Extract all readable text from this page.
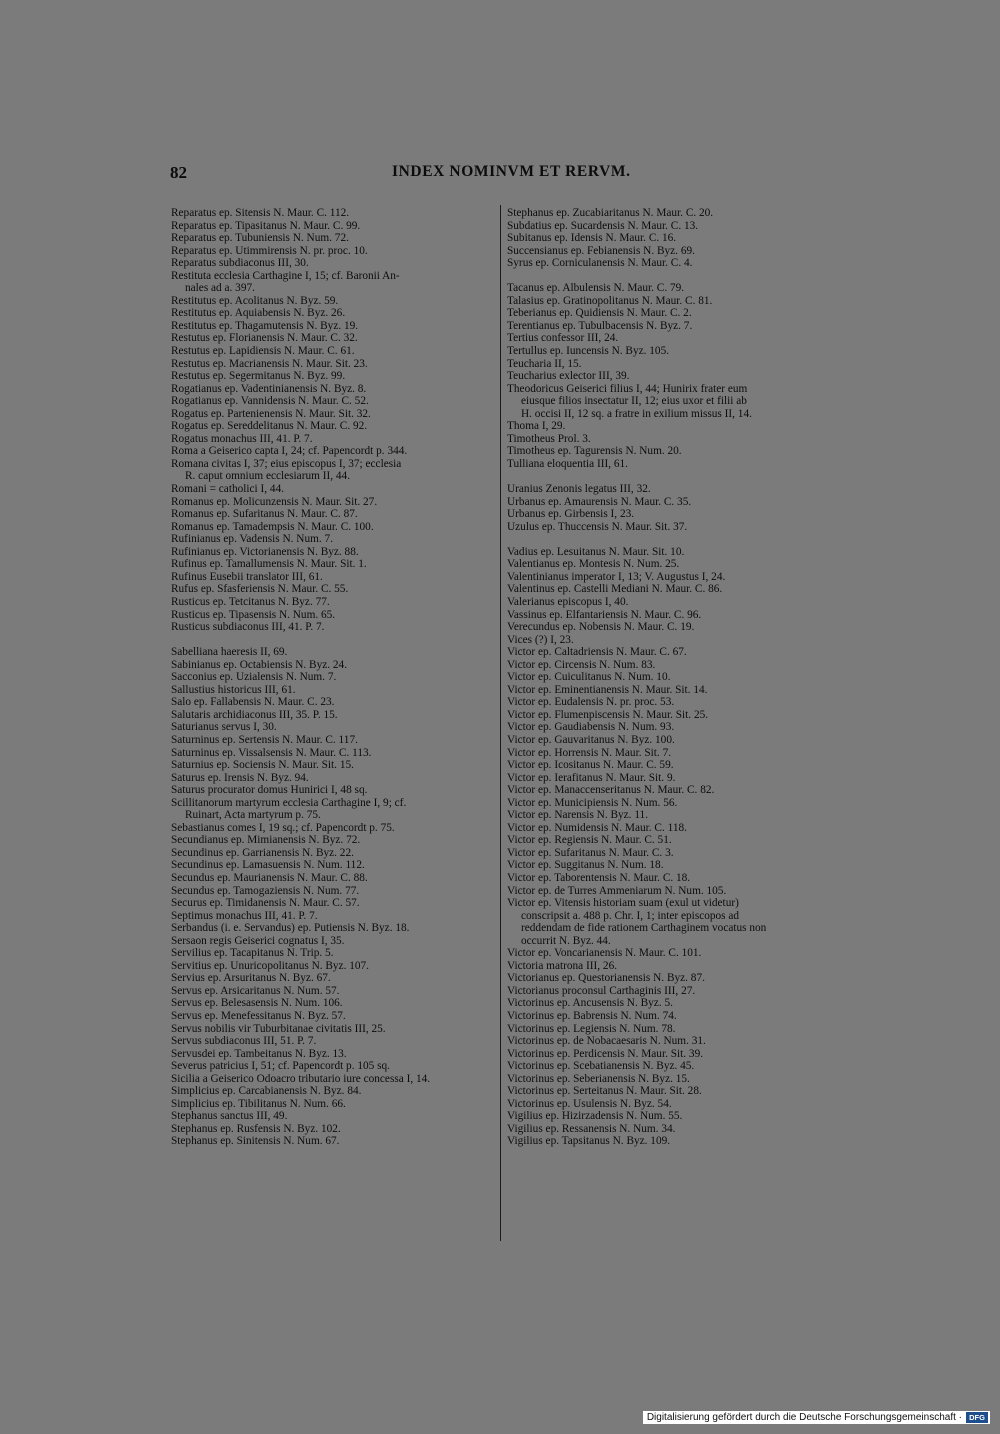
82	INDEX NOMINVM ET RERVM.

Reparatus ep. Sitensis N. Maur. C. 112.
Reparatus ep. Tipasitanus N. Maur. C. 99.
Reparatus ep. Tubuniensis N. Num. 72.
Reparatus ep. Utimmirensis N. pr. proc. 10.
Reparatus subdiaconus III, 30.
Restituta ecclesia Carthagine I, 15; cf. Baronii An-
nales ad a. 397.
Restitutus ep. Acolitanus N. Byz. 59.
Restitutus ep. Aquiabensis N. Byz. 26.
Restitutus ep. Thagamutensis N. Byz. 19.
Restutus ep. Florianensis N. Maur. C. 32.
Restutus ep. Lapidiensis N. Maur. C. 61.
Restutus ep. Macrianensis N. Maur. Sit. 23.
Restutus ep. Segermitanus N. Byz. 99.
Rogatianus ep. Vadentinianensis N. Byz. 8.
Rogatianus ep. Vannidensis N. Maur. C. 52.
Rogatus ep. Partenienensis N. Maur. Sit. 32.
Rogatus ep. Sereddelitanus N. Maur. C. 92.
Rogatus monachus III, 41. P. 7.
Roma a Geiserico capta I, 24; cf. Papencordt p. 344.
Romana civitas I, 37; eius episcopus I, 37; ecclesia
R. caput omnium ecclesiarum II, 44.
Romani = catholici I, 44.
Romanus ep. Molicunzensis N. Maur. Sit. 27.
Romanus ep. Sufaritanus N. Maur. C. 87.
Romanus ep. Tamadempsis N. Maur. C. 100.
Rufinianus ep. Vadensis N. Num. 7.
Rufinianus ep. Victorianensis N. Byz. 88.
Rufinus ep. Tamallumensis N. Maur. Sit. 1.
Rufinus Eusebii translator III, 61.
Rufus ep. Sfasferiensis N. Maur. C. 55.
Rusticus ep. Tetcitanus N. Byz. 77.
Rusticus ep. Tipasensis N. Num. 65.
Rusticus subdiaconus III, 41. P. 7.
Sabelliana haeresis II, 69.
Sabinianus ep. Octabiensis N. Byz. 24.
Sacconius ep. Uzialensis N. Num. 7.
Sallustius historicus III, 61.
Salo ep. Fallabensis N. Maur. C. 23.
Salutaris archidiaconus III, 35. P. 15.
Saturianus servus I, 30.
Saturninus ep. Sertensis N. Maur. C. 117.
Saturninus ep. Vissalsensis N. Maur. C. 113.
Saturnius ep. Sociensis N. Maur. Sit. 15.
Saturus ep. Irensis N. Byz. 94.
Saturus procurator domus Hunirici I, 48 sq.
Scillitanorum martyrum ecclesia Carthagine I, 9; cf.
Ruinart, Acta martyrum p. 75.
Sebastianus comes I, 19 sq.; cf. Papencordt p. 75.
Secundianus ep. Mimianensis N. Byz. 72.
Secundinus ep. Garrianensis N. Byz. 22.
Secundinus ep. Lamasuensis N. Num. 112.
Secundus ep. Maurianensis N. Maur. C. 88.
Secundus ep. Tamogaziensis N. Num. 77.
Securus ep. Timidanensis N. Maur. C. 57.
Septimus monachus III, 41. P. 7.
Serbandus (i. e. Servandus) ep. Putiensis N. Byz. 18.
Sersaon regis Geiserici cognatus I, 35.
Servilius ep. Tacapitanus N. Trip. 5.
Servitius ep. Unuricopolitanus N. Byz. 107.
Servius ep. Arsuritanus N. Byz. 67.
Servus ep. Arsicaritanus N. Num. 57.
Servus ep. Belesasensis N. Num. 106.
Servus ep. Menefessitanus N. Byz. 57.
Servus nobilis vir Tuburbitanae civitatis III, 25.
Servus subdiaconus III, 51. P. 7.
Servusdei ep. Tambeitanus N. Byz. 13.
Severus patricius I, 51; cf. Papencordt p. 105 sq.
Sicilia a Geiserico Odoacro tributario iure concessa I, 14.
Simplicius ep. Carcabianensis N. Byz. 84.
Simplicius ep. Tibilitanus N. Num. 66.
Stephanus sanctus III, 49.
Stephanus ep. Rusfensis N. Byz. 102.
Stephanus ep. Sinitensis N. Num. 67.
Stephanus ep. Zucabiaritanus N. Maur. C. 20.
Subdatius ep. Sucardensis N. Maur. C. 13.
Subitanus ep. Idensis N. Maur. C. 16.
Succensianus ep. Febianensis N. Byz. 69.
Syrus ep. Corniculanensis N. Maur. C. 4.
Tacanus ep. Albulensis N. Maur. C. 79.
Talasius ep. Gratinopolitanus N. Maur. C. 81.
Teberianus ep. Quidiensis N. Maur. C. 2.
Terentianus ep. Tubulbacensis N. Byz. 7.
Tertius confessor III, 24.
Tertullus ep. Iuncensis N. Byz. 105.
Teucharia II, 15.
Teucharius exlector III, 39.
Theodoricus Geiserici filius I, 44; Hunirix frater eum
eiusque filios insectatur II, 12; eius uxor et filii ab
H. occisi II, 12 sq. a fratre in exilium missus II, 14.
Thoma I, 29.
Timotheus Prol. 3.
Timotheus ep. Tagurensis N. Num. 20.
Tulliana eloquentia III, 61.
Uranius Zenonis legatus III, 32.
Urbanus ep. Amaurensis N. Maur. C. 35.
Urbanus ep. Girbensis I, 23.
Uzulus ep. Thuccensis N. Maur. Sit. 37.
Vadius ep. Lesuitanus N. Maur. Sit. 10.
Valentianus ep. Montesis N. Num. 25.
Valentinianus imperator I, 13; V. Augustus I, 24.
Valentinus ep. Castelli Mediani N. Maur. C. 86.
Valerianus episcopus I, 40.
Vassinus ep. Elfantariensis N. Maur. C. 96.
Verecundus ep. Nobensis N. Maur. C. 19.
Vices (?) I, 23.
Victor ep. Caltadriensis N. Maur. C. 67.
Victor ep. Circensis N. Num. 83.
Victor ep. Cuiculitanus N. Num. 10.
Victor ep. Eminentianensis N. Maur. Sit. 14.
Victor ep. Eudalensis N. pr. proc. 53.
Victor ep. Flumenpiscensis N. Maur. Sit. 25.
Victor ep. Gaudiabensis N. Num. 93.
Victor ep. Gauvaritanus N. Byz. 100.
Victor ep. Horrensis N. Maur. Sit. 7.
Victor ep. Icositanus N. Maur. C. 59.
Victor ep. Ierafitanus N. Maur. Sit. 9.
Victor ep. Manaccenseritanus N. Maur. C. 82.
Victor ep. Municipiensis N. Num. 56.
Victor ep. Narensis N. Byz. 11.
Victor ep. Numidensis N. Maur. C. 118.
Victor ep. Regiensis N. Maur. C. 51.
Victor ep. Sufaritanus N. Maur. C. 3.
Victor ep. Suggitanus N. Num. 18.
Victor ep. Taborentensis N. Maur. C. 18.
Victor ep. de Turres Ammeniarum N. Num. 105.
Victor ep. Vitensis historiam suam (exul ut videtur)
conscripsit a. 488 p. Chr. I, 1; inter episcopos ad
reddendam de fide rationem Carthaginem vocatus non
occurrit N. Byz. 44.
Victor ep. Voncarianensis N. Maur. C. 101.
Victoria matrona III, 26.
Victorianus ep. Questorianensis N. Byz. 87.
Victorianus proconsul Carthaginis III, 27.
Victorinus ep. Ancusensis N. Byz. 5.
Victorinus ep. Babrensis N. Num. 74.
Victorinus ep. Legiensis N. Num. 78.
Victorinus ep. de Nobacaesaris N. Num. 31.
Victorinus ep. Perdicensis N. Maur. Sit. 39.
Victorinus ep. Scebatianensis N. Byz. 45.
Victorinus ep. Seberianensis N. Byz. 15.
Victorinus ep. Serteitanus N. Maur. Sit. 28.
Victorinus ep. Usulensis N. Byz. 54.
Vigilius ep. Hizirzadensis N. Num. 55.
Vigilius ep. Ressanensis N. Num. 34.
Vigilius ep. Tapsitanus N. Byz. 109.
Digitalisierung gefördert durch die Deutsche Forschungsgemeinschaft · DFG
